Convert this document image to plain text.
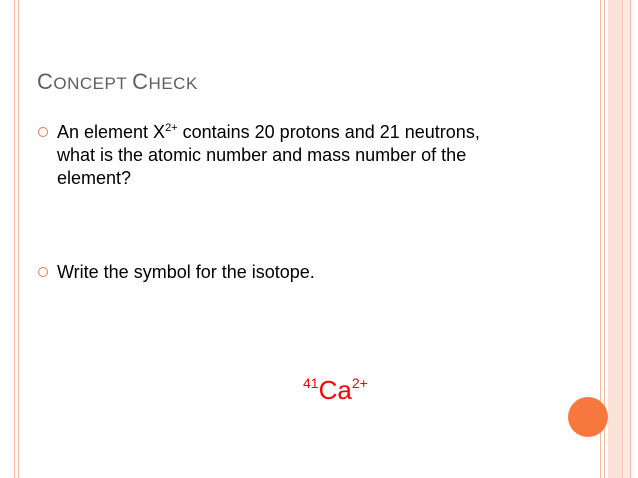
CONCEPT CHECK
An element $X^{2+}$ contains 20 protons and 21 neutrons, what is the atomic number and mass number of the element?
Write the symbol for the isotope.
$^{41}Ca^{2+}$
